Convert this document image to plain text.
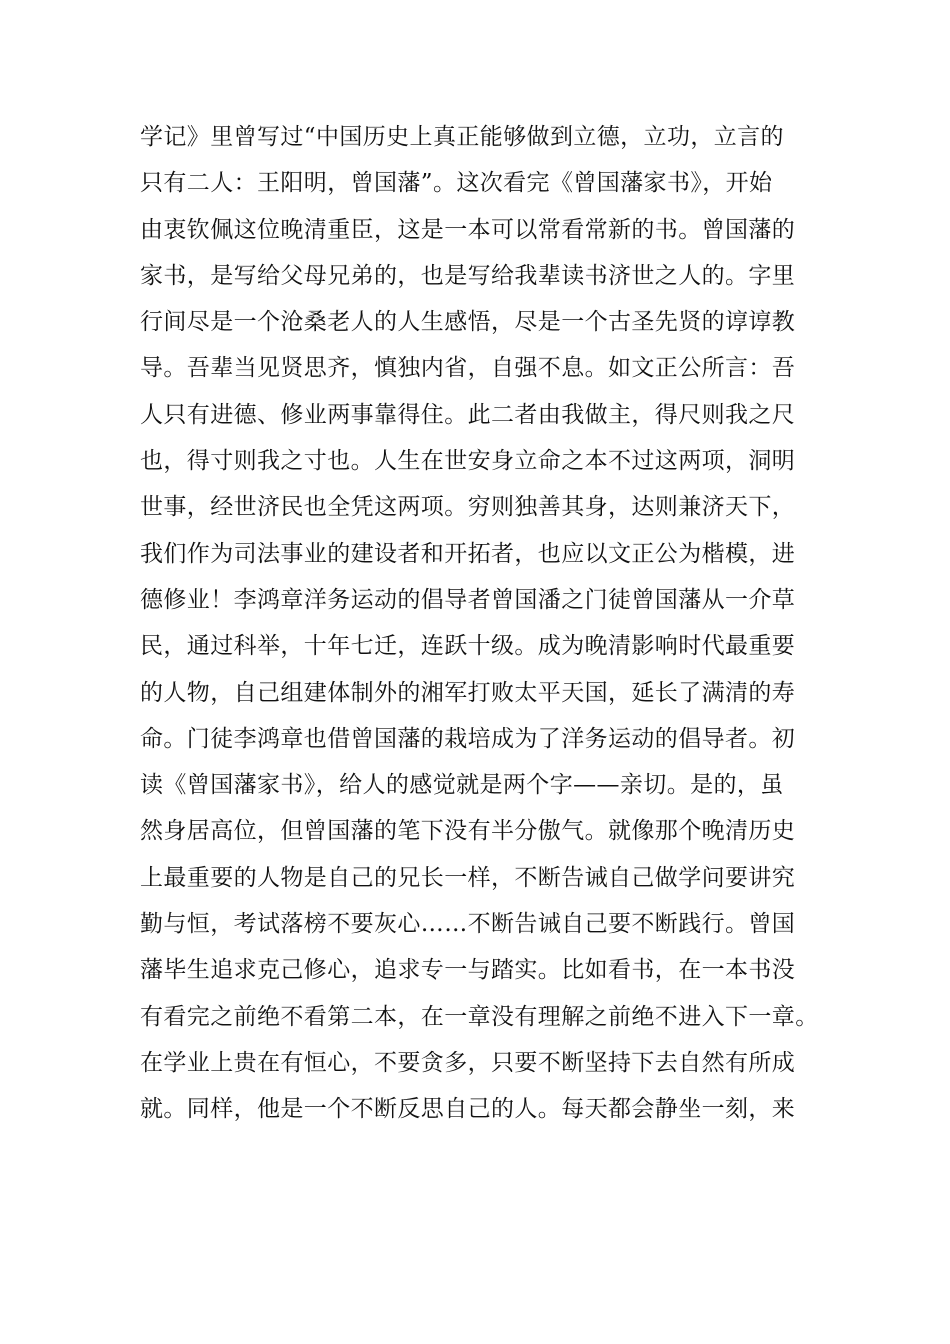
学记》里曾写过“中国历史上真正能够做到立德，立功，立言的
只有二人：王阳明，曾国藩”。这次看完《曾国藩家书》，开始
由衷钦佩这位晚清重臣，这是一本可以常看常新的书。曾国藩的
家书，是写给父母兄弟的，也是写给我辈读书济世之人的。字里
行间尽是一个沧桑老人的人生感悟，尽是一个古圣先贤的谆谆教
导。吾辈当见贤思齐，慎独内省，自强不息。如文正公所言：吾
人只有进德、修业两事靠得住。此二者由我做主，得尺则我之尺
也，得寸则我之寸也。人生在世安身立命之本不过这两项，洞明
世事，经世济民也全凭这两项。穷则独善其身，达则兼济天下，
我们作为司法事业的建设者和开拓者，也应以文正公为楷模，进
德修业！李鸿章洋务运动的倡导者曾国潘之门徒曾国藩从一介草
民，通过科举，十年七迁，连跃十级。成为晚清影响时代最重要
的人物，自己组建体制外的湘军打败太平天国，延长了满清的寿
命。门徒李鸿章也借曾国藩的栽培成为了洋务运动的倡导者。初
读《曾国藩家书》，给人的感觉就是两个字——亲切。是的，虽
然身居高位，但曾国藩的笔下没有半分傲气。就像那个晚清历史
上最重要的人物是自己的兄长一样，不断告诫自己做学问要讲究
勤与恒，考试落榜不要灰心……不断告诫自己要不断践行。曾国
藩毕生追求克己修心，追求专一与踏实。比如看书，在一本书没
有看完之前绝不看第二本，在一章没有理解之前绝不进入下一章。
在学业上贵在有恒心，不要贪多，只要不断坚持下去自然有所成
就。同样，他是一个不断反思自己的人。每天都会静坐一刻，来
